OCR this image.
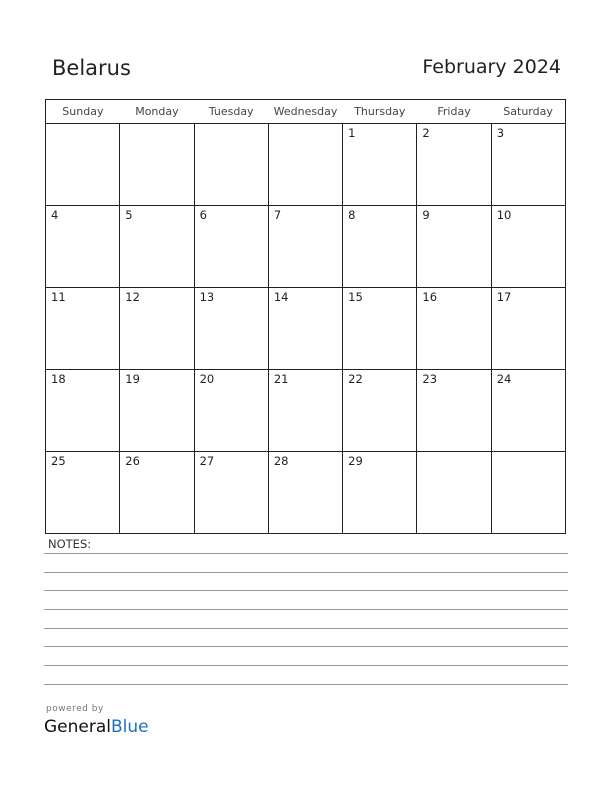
Belarus	February 2024
Sunday	Monday	Tuesday	Wednesday	Thursday	Friday	Saturday
				1	2	3
4	5	6	7	8	9	10
11	12	13	14	15	16	17
18	19	20	21	22	23	24
25	26	27	28	29		
NOTES:
powered by
GeneralBlue
